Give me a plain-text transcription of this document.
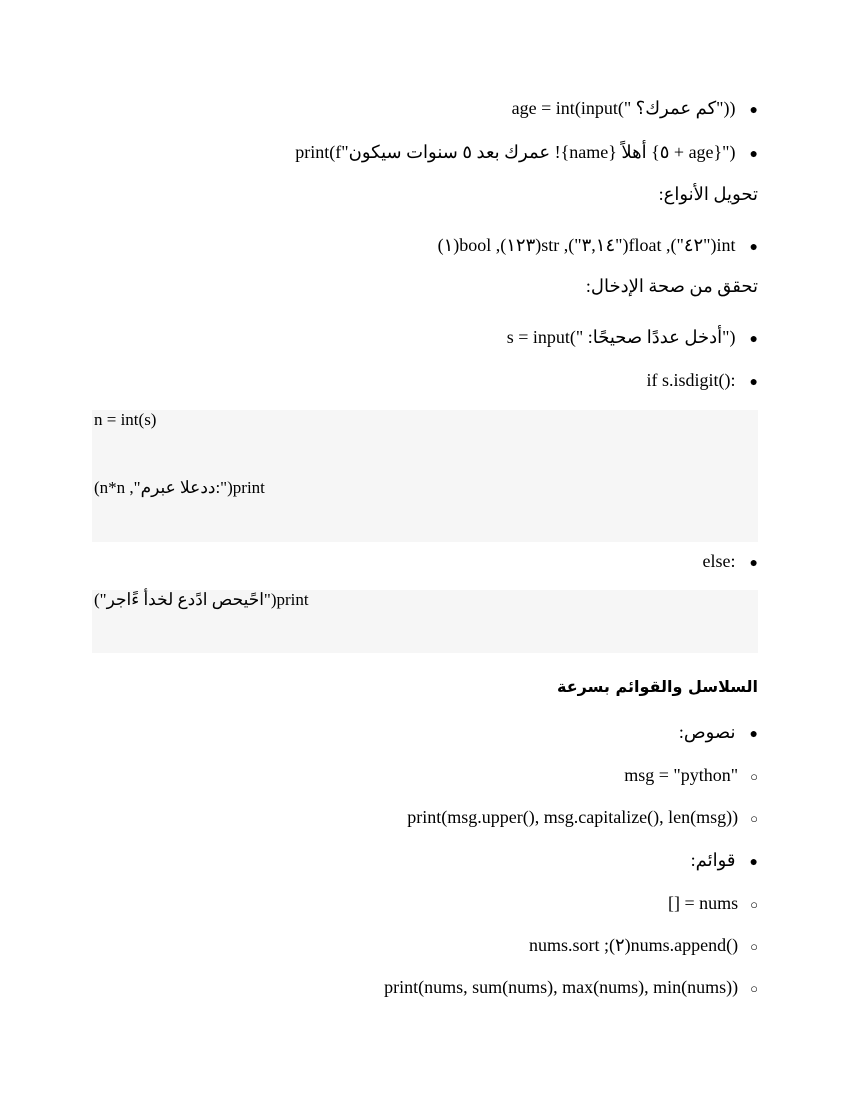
●(("كم عمرك؟ ")input)age = int
●("{age + ٥} أهلاً {name}! عمرك بعد ٥ سنوات سيكون"f)print
تحويل الأنواع:
●int("٤٢"), float("٣,١٤"), str(١٢٣), bool(١)
تحقق من صحة الإدخال:
●("أدخل عددًا صحيحًا: ")s = input
●:()if s.isdigit
n = int(s)
(n*n ,"مربع العدد:")print
●:else
("رجاءً أدخل عددًا صحيحًا")print
السلاسل والقوائم بسرعة
●نصوص:
○"msg = "python
○print(msg.upper(), msg.capitalize(), len(msg))
●قوائم:
○nums = []
○()nums.append(٢); nums.sort
○print(nums, sum(nums), max(nums), min(nums))
